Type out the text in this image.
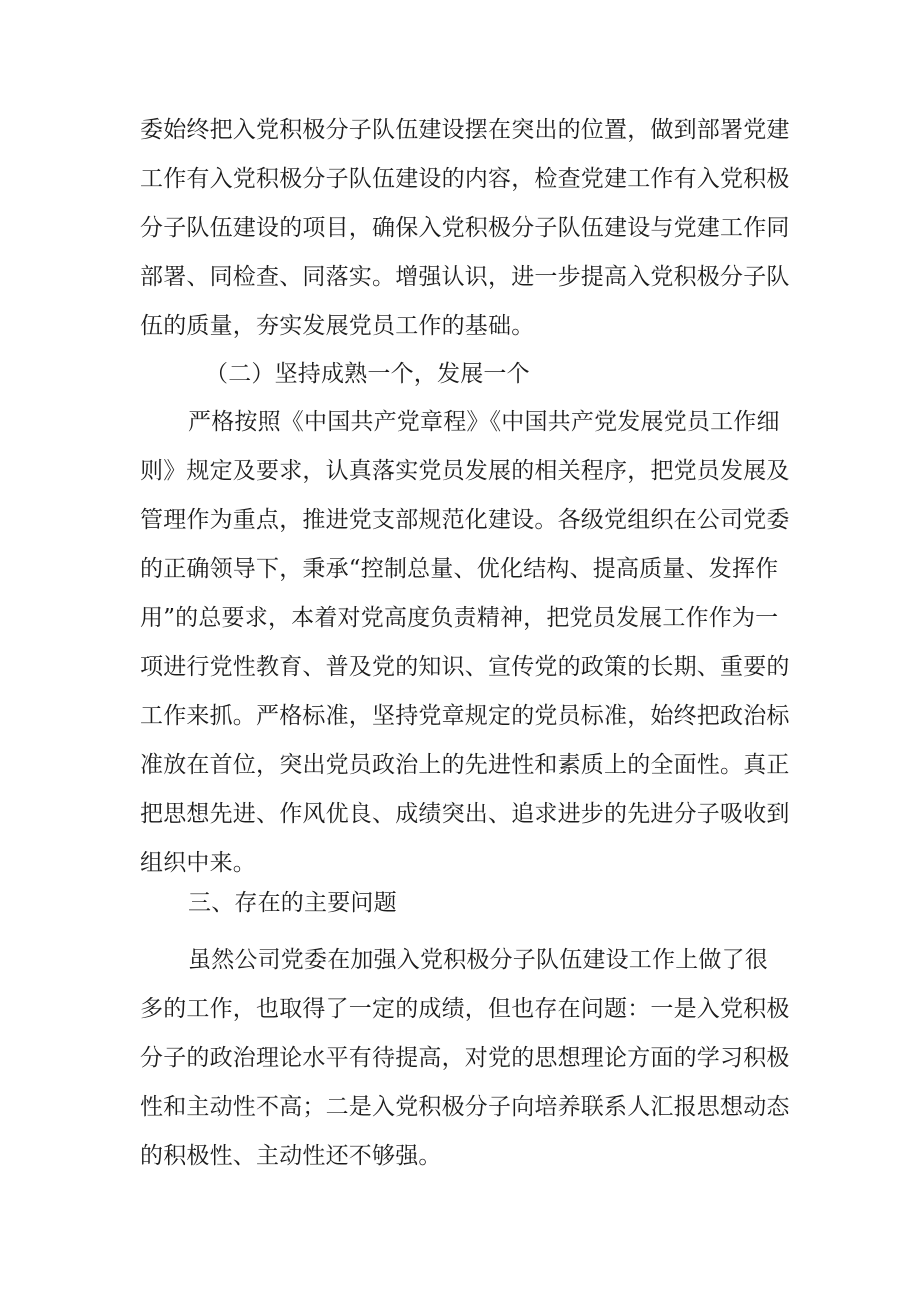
委始终把入党积极分子队伍建设摆在突出的位置，做到部署党建
工作有入党积极分子队伍建设的内容，检查党建工作有入党积极
分子队伍建设的项目，确保入党积极分子队伍建设与党建工作同
部署、同检查、同落实。增强认识，进一步提高入党积极分子队
伍的质量，夯实发展党员工作的基础。
（二）坚持成熟一个，发展一个
严格按照《中国共产党章程》《中国共产党发展党员工作细
则》规定及要求，认真落实党员发展的相关程序，把党员发展及
管理作为重点，推进党支部规范化建设。各级党组织在公司党委
的正确领导下，秉承“控制总量、优化结构、提高质量、发挥作
用”的总要求，本着对党高度负责精神，把党员发展工作作为一
项进行党性教育、普及党的知识、宣传党的政策的长期、重要的
工作来抓。严格标准，坚持党章规定的党员标准，始终把政治标
准放在首位，突出党员政治上的先进性和素质上的全面性。真正
把思想先进、作风优良、成绩突出、追求进步的先进分子吸收到
组织中来。
三、存在的主要问题
虽然公司党委在加强入党积极分子队伍建设工作上做了很
多的工作，也取得了一定的成绩，但也存在问题：一是入党积极
分子的政治理论水平有待提高，对党的思想理论方面的学习积极
性和主动性不高；二是入党积极分子向培养联系人汇报思想动态
的积极性、主动性还不够强。
